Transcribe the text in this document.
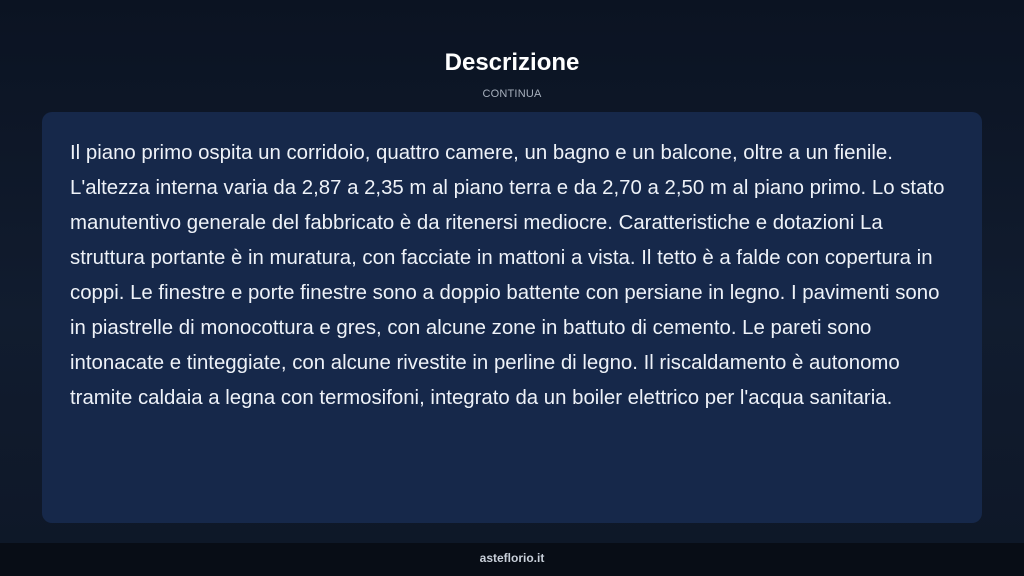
Descrizione
CONTINUA

Il piano primo ospita un corridoio, quattro camere, un bagno e un balcone, oltre a un fienile. L'altezza interna varia da 2,87 a 2,35 m al piano terra e da 2,70 a 2,50 m al piano primo. Lo stato manutentivo generale del fabbricato è da ritenersi mediocre. Caratteristiche e dotazioni La struttura portante è in muratura, con facciate in mattoni a vista. Il tetto è a falde con copertura in coppi. Le finestre e porte finestre sono a doppio battente con persiane in legno. I pavimenti sono in piastrelle di monocottura e gres, con alcune zone in battuto di cemento. Le pareti sono intonacate e tinteggiate, con alcune rivestite in perline di legno. Il riscaldamento è autonomo tramite caldaia a legna con termosifoni, integrato da un boiler elettrico per l'acqua sanitaria.

asteflorio.it
